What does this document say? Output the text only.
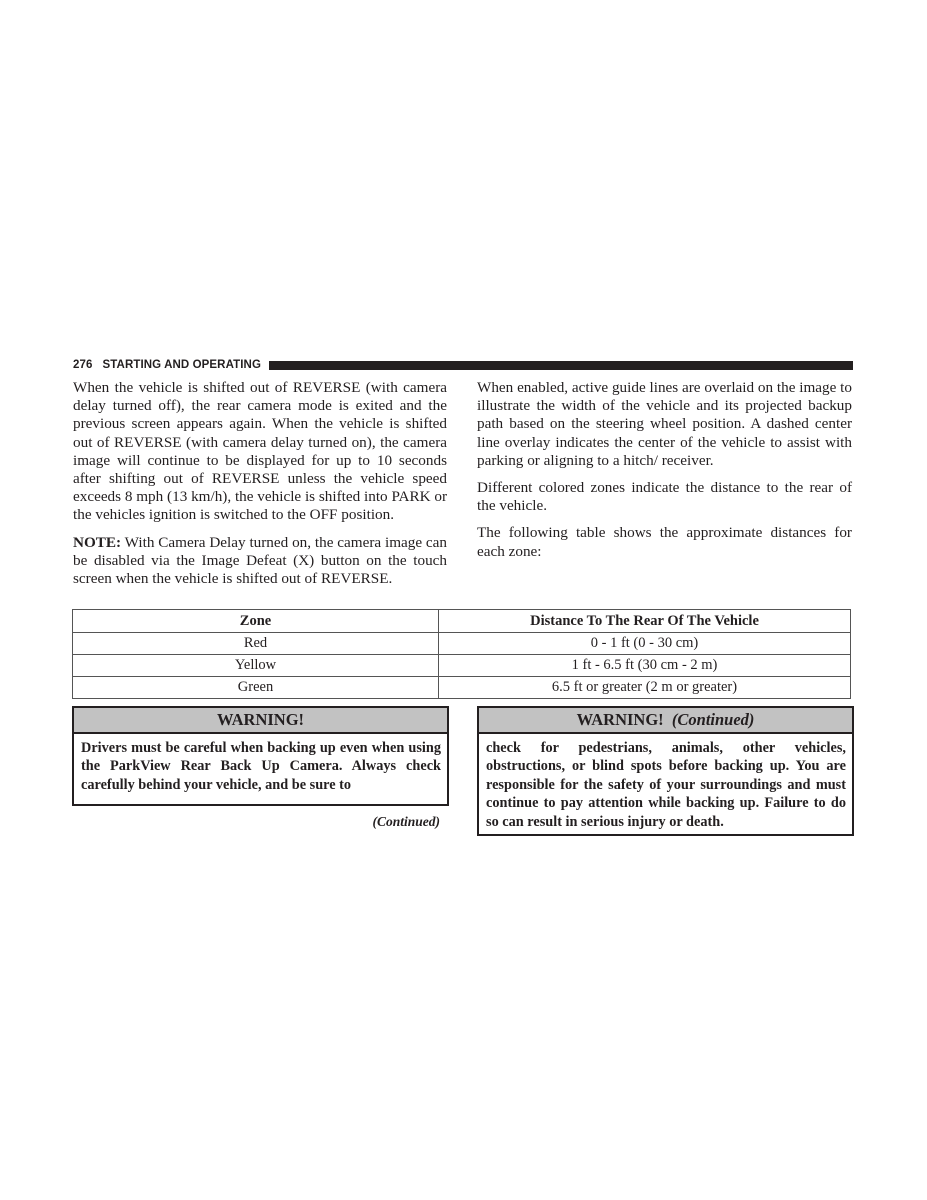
276 STARTING AND OPERATING

When the vehicle is shifted out of REVERSE (with camera delay turned off), the rear camera mode is exited and the previous screen appears again. When the vehicle is shifted out of REVERSE (with camera delay turned on), the camera image will continue to be displayed for up to 10 seconds after shifting out of REVERSE unless the vehicle speed exceeds 8 mph (13 km/h), the vehicle is shifted into PARK or the vehicles ignition is switched to the OFF position.

NOTE: With Camera Delay turned on, the camera image can be disabled via the Image Defeat (X) button on the touch screen when the vehicle is shifted out of REVERSE.

When enabled, active guide lines are overlaid on the image to illustrate the width of the vehicle and its projected backup path based on the steering wheel position. A dashed center line overlay indicates the center of the vehicle to assist with parking or aligning to a hitch/ receiver.

Different colored zones indicate the distance to the rear of the vehicle.

The following table shows the approximate distances for each zone:

Zone	Distance To The Rear Of The Vehicle
Red	0 - 1 ft (0 - 30 cm)
Yellow	1 ft - 6.5 ft (30 cm - 2 m)
Green	6.5 ft or greater (2 m or greater)
WARNING!
Drivers must be careful when backing up even when using the ParkView Rear Back Up Camera. Always check carefully behind your vehicle, and be sure to
(Continued)
WARNING! (Continued)
check for pedestrians, animals, other vehicles, obstructions, or blind spots before backing up. You are responsible for the safety of your surroundings and must continue to pay attention while backing up. Failure to do so can result in serious injury or death.
